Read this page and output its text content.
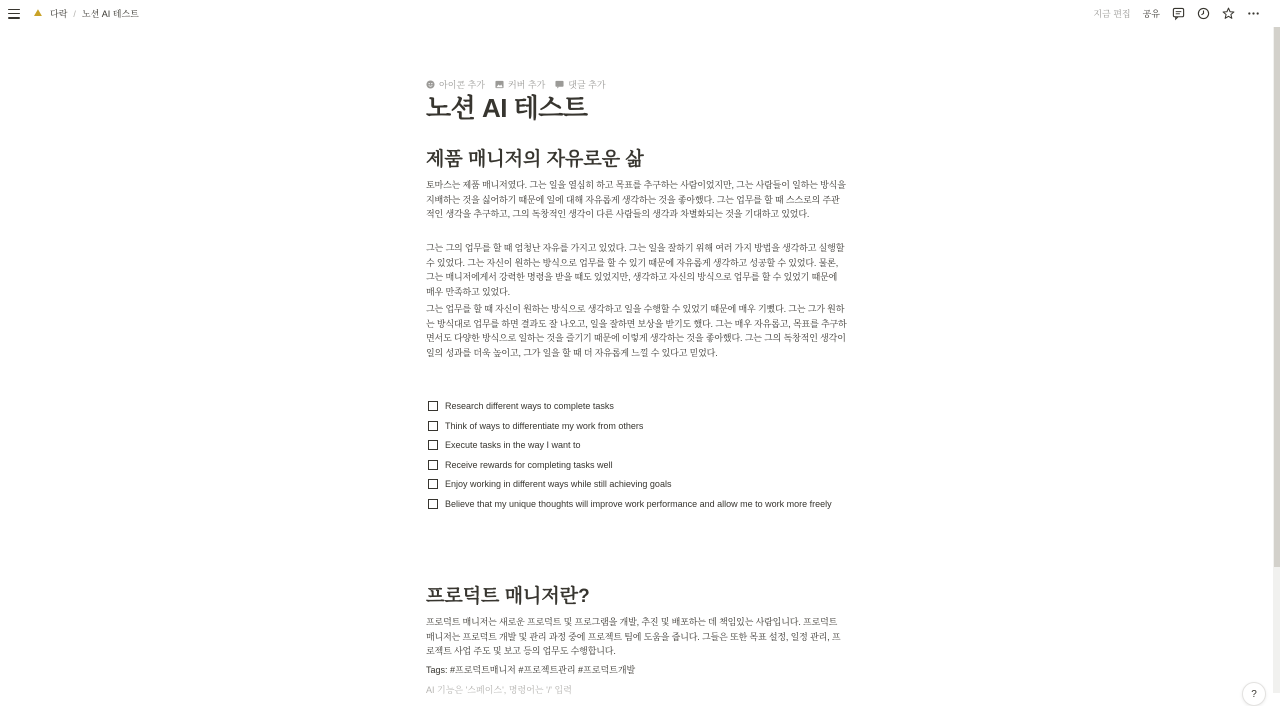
⛰ 다락 / 노션 AI 테스트	지금 편집 공유
아이콘 추가	커버 추가	댓글 추가
노션 AI 테스트
제품 매니저의 자유로운 삶
토마스는 제품 매니저였다. 그는 일을 열심히 하고 목표를 추구하는 사람이었지만, 그는 사람들이 일하는 방식을 지배하는 것을 싫어하기 때문에 일에 대해 자유롭게 생각하는 것을 좋아했다. 그는 업무를 할 때 스스로의 주관적인 생각을 추구하고, 그의 독창적인 생각이 다른 사람들의 생각과 차별화되는 것을 기대하고 있었다.
그는 그의 업무를 할 때 엄청난 자유를 가지고 있었다. 그는 일을 잘하기 위해 여러 가지 방법을 생각하고 실행할 수 있었다. 그는 자신이 원하는 방식으로 업무를 할 수 있기 때문에 자유롭게 생각하고 성공할 수 있었다. 물론, 그는 매니저에게서 강력한 명령을 받을 때도 있었지만, 생각하고 자신의 방식으로 업무를 할 수 있었기 때문에 매우 만족하고 있었다.
그는 업무를 할 때 자신이 원하는 방식으로 생각하고 일을 수행할 수 있었기 때문에 매우 기뻤다. 그는 그가 원하는 방식대로 업무를 하면 결과도 잘 나오고, 일을 잘하면 보상을 받기도 했다. 그는 매우 자유롭고, 목표를 추구하면서도 다양한 방식으로 일하는 것을 즐기기 때문에 이렇게 생각하는 것을 좋아했다. 그는 그의 독창적인 생각이 일의 성과를 더욱 높이고, 그가 일을 할 때 더 자유롭게 느낄 수 있다고 믿었다.
Research different ways to complete tasks
Think of ways to differentiate my work from others
Execute tasks in the way I want to
Receive rewards for completing tasks well
Enjoy working in different ways while still achieving goals
Believe that my unique thoughts will improve work performance and allow me to work more freely
프로덕트 매니저란?
프로덕트 매니저는 새로운 프로덕트 및 프로그램을 개발, 추진 및 배포하는 데 책임있는 사람입니다. 프로덕트 매니저는 프로덕트 개발 및 관리 과정 중에 프로젝트 팀에 도움을 줍니다. 그들은 또한 목표 설정, 일정 관리, 프로젝트 사업 주도 및 보고 등의 업무도 수행합니다.
Tags: #프로덕트매니저 #프로젝트관리 #프로덕트개발
AI 기능은 '스페이스', 명령어는 '/' 입력	?
